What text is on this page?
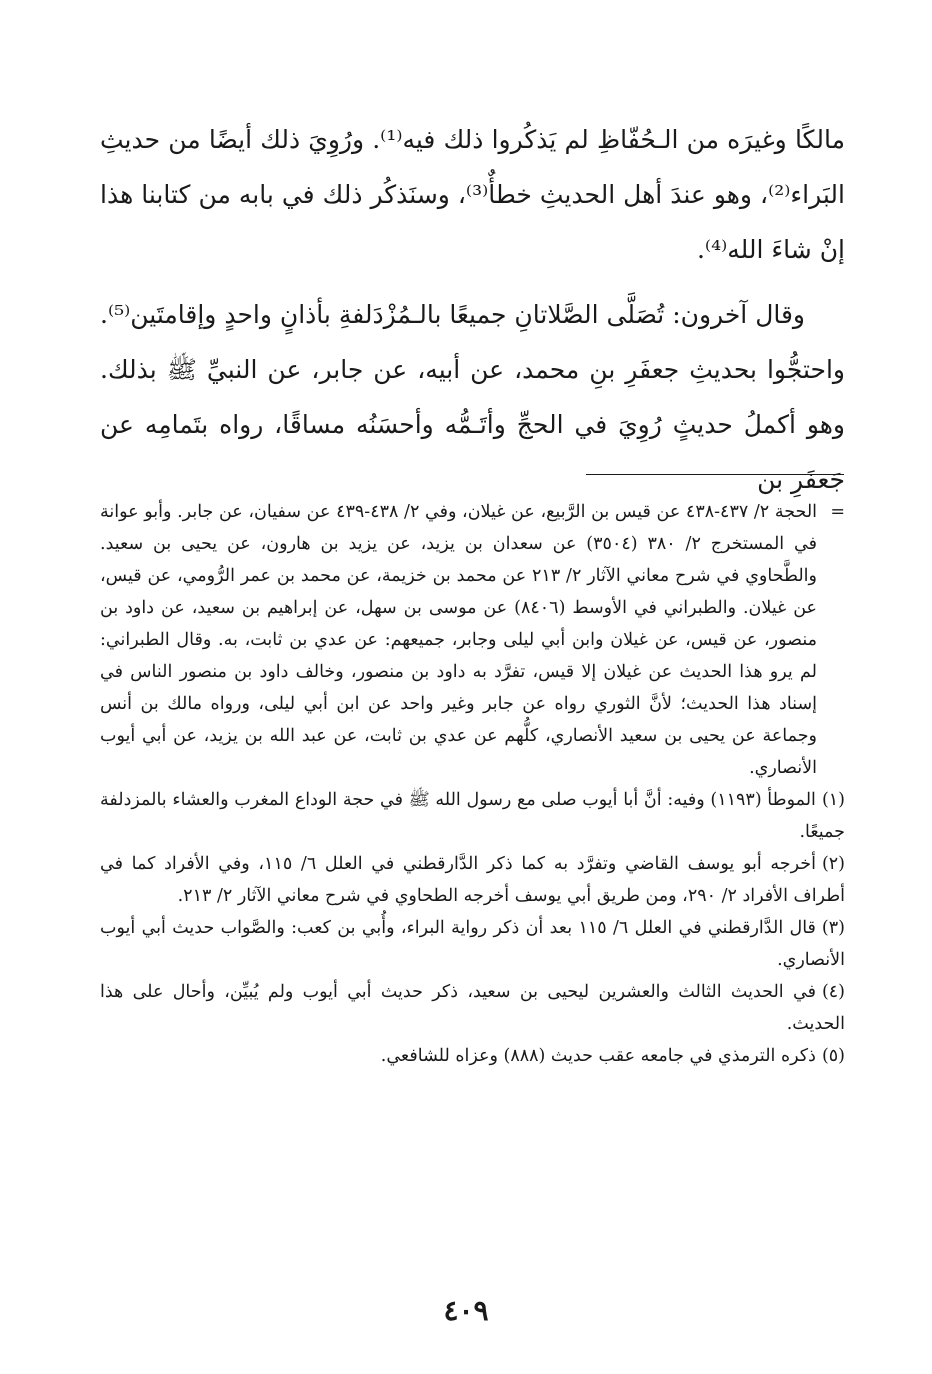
مالكًا وغيرَه من الـحُفّاظِ لم يَذكُروا ذلك فيه⁽¹⁾. ورُوِيَ ذلك أيضًا من حديثِ البَراء⁽²⁾، وهو عندَ أهل الحديثِ خطأٌ⁽³⁾، وسنَذكُر ذلك في بابه من كتابنا هذا إنْ شاءَ الله⁽⁴⁾.

وقال آخرون: تُصَلَّى الصَّلاتانِ جميعًا بالـمُزْدَلفةِ بأذانٍ واحدٍ وإقامتَين⁽⁵⁾. واحتجُّوا بحديثِ جعفَرِ بنِ محمد، عن أبيه، عن جابر، عن النبيِّ ﷺ بذلك. وهو أكملُ حديثٍ رُوِيَ في الحجِّ وأتَـمُّه وأحسَنُه مساقًا، رواه بتَمامِه عن جَعفَرِ بن

=
الحجة ٢/ ٤٣٧-٤٣٨ عن قيس بن الرَّبيع، عن غيلان، وفي ٢/ ٤٣٨-٤٣٩ عن سفيان، عن جابر. وأبو عوانة في المستخرج ٢/ ٣٨٠ (٣٥٠٤) عن سعدان بن يزيد، عن يزيد بن هارون، عن يحيى بن سعيد. والطَّحاوي في شرح معاني الآثار ٢/ ٢١٣ عن محمد بن خزيمة، عن محمد بن عمر الرُّومي، عن قيس، عن غيلان. والطبراني في الأوسط (٨٤٠٦) عن موسى بن سهل، عن إبراهيم بن سعيد، عن داود بن منصور، عن قيس، عن غيلان وابن أبي ليلى وجابر، جميعهم: عن عدي بن ثابت، به. وقال الطبراني: لم يرو هذا الحديث عن غيلان إلا قيس، تفرَّد به داود بن منصور، وخالف داود بن منصور الناس في إسناد هذا الحديث؛ لأنَّ الثوري رواه عن جابر وغير واحد عن ابن أبي ليلى، ورواه مالك بن أنس وجماعة عن يحيى بن سعيد الأنصاري، كلُّهم عن عدي بن ثابت، عن عبد الله بن يزيد، عن أبي أيوب الأنصاري.

(١)الموطأ (١١٩٣) وفيه: أنَّ أبا أيوب صلى مع رسول الله ﷺ في حجة الوداع المغرب والعشاء بالمزدلفة جميعًا.

(٢)أخرجه أبو يوسف القاضي وتفرَّد به كما ذكر الدَّارقطني في العلل ٦/ ١١٥، وفي الأفراد كما في أطراف الأفراد ٢/ ٢٩٠، ومن طريق أبي يوسف أخرجه الطحاوي في شرح معاني الآثار ٢/ ٢١٣.

(٣)قال الدَّارقطني في العلل ٦/ ١١٥ بعد أن ذكر رواية البراء، وأُبي بن كعب: والصَّواب حديث أبي أيوب الأنصاري.

(٤)في الحديث الثالث والعشرين ليحيى بن سعيد، ذكر حديث أبي أيوب ولم يُبيِّن، وأحال على هذا الحديث.

(٥)ذكره الترمذي في جامعه عقب حديث (٨٨٨) وعزاه للشافعي.

٤٠٩
